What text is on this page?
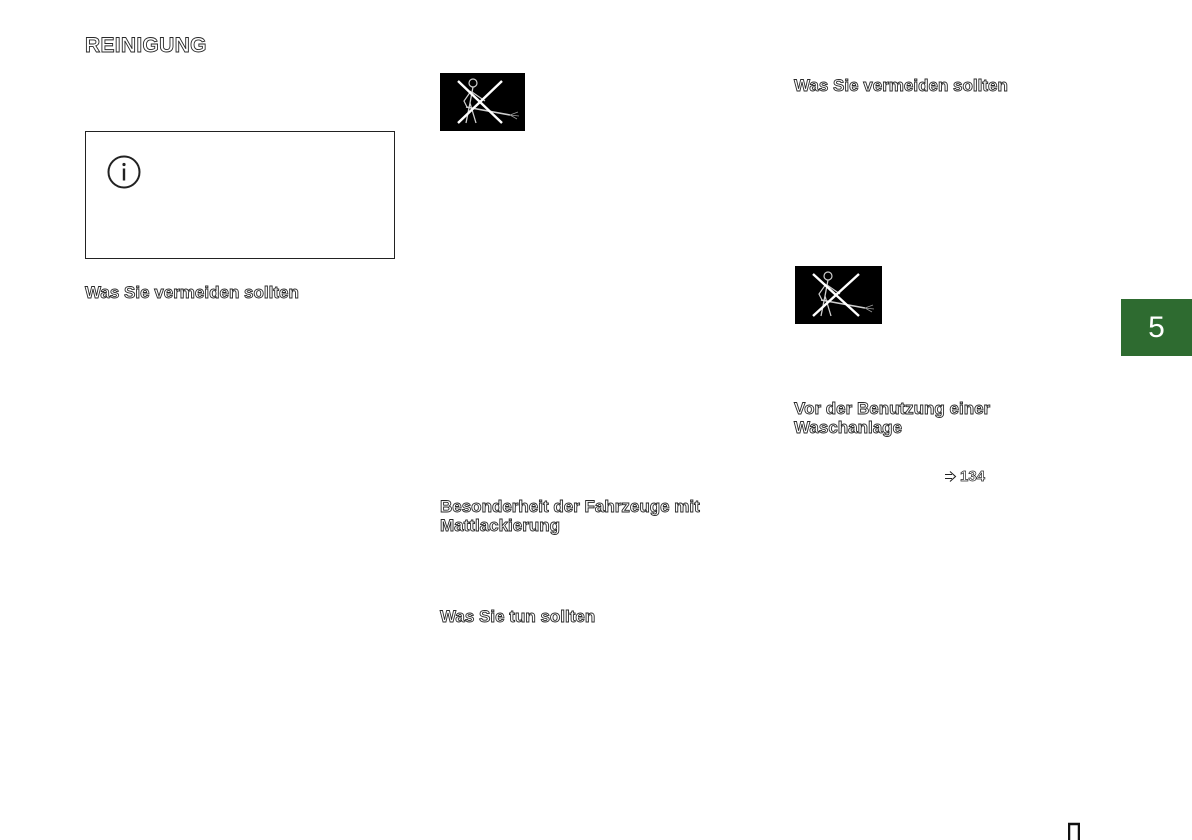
REINIGUNG
Was Sie vermeiden sollten
Besonderheit der Fahrzeuge mit Mattlackierung
Was Sie tun sollten
Was Sie vermeiden sollten
Vor der Benutzung einer Waschanlage
134
5
